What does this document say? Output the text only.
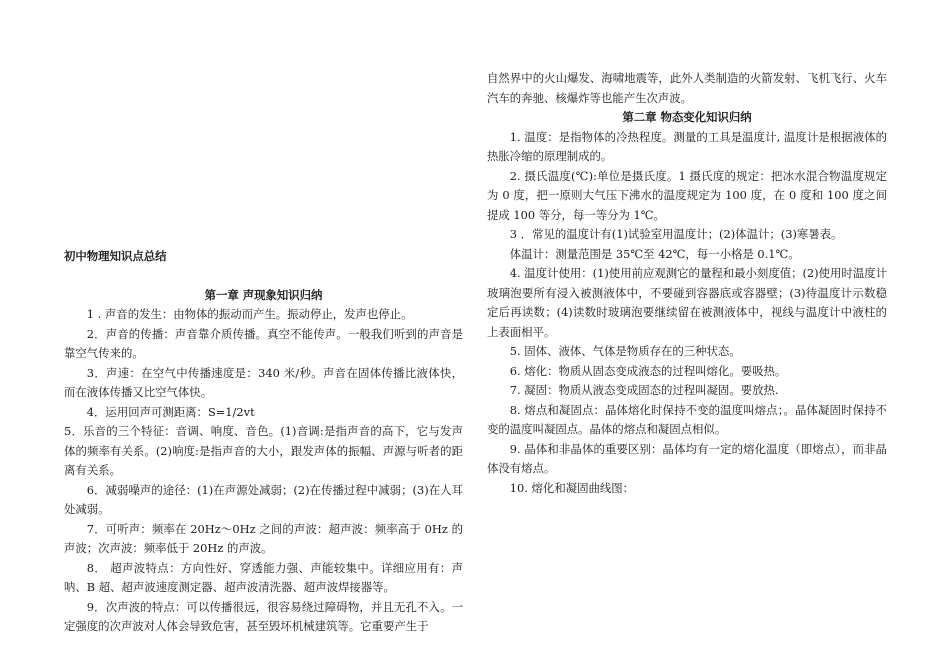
初中物理知识点总结

第一章 声现象知识归纳

1 . 声音的发生：由物体的振动而产生。振动停止，发声也停止。

2．声音的传播：声音靠介质传播。真空不能传声。一般我们听到的声音是靠空气传来的。

3．声速：在空气中传播速度是：340 米/秒。声音在固体传播比液体快，而在液体传播又比空气体快。

4．运用回声可测距离：S=1/2vt

5．乐音的三个特征：音调、响度、音色。(1)音调:是指声音的高下，它与发声体的频率有关系。(2)响度:是指声音的大小，跟发声体的振幅、声源与听者的距离有关系。

6．减弱噪声的途径：(1)在声源处减弱；(2)在传播过程中减弱；(3)在人耳处减弱。

7．可听声：频率在 20Hz～0Hz 之间的声波：超声波：频率高于 0Hz 的声波；次声波：频率低于 20Hz 的声波。

8． 超声波特点：方向性好、穿透能力强、声能较集中。详细应用有：声呐、B 超、超声波速度测定器、超声波清洗器、超声波焊接器等。

9．次声波的特点：可以传播很远，很容易绕过障碍物，并且无孔不入。一定强度的次声波对人体会导致危害，甚至毁坏机械建筑等。它重要产生于

自然界中的火山爆发、海啸地震等，此外人类制造的火箭发射、飞机飞行、火车汽车的奔驰、核爆炸等也能产生次声波。

第二章 物态变化知识归纳

1. 温度：是指物体的冷热程度。测量的工具是温度计, 温度计是根据液体的热胀冷缩的原理制成的。

2. 摄氏温度(℃):单位是摄氏度。1 摄氏度的规定：把冰水混合物温度规定为 0 度，把一原则大气压下沸水的温度规定为 100 度，在 0 度和 100 度之间提成 100 等分，每一等分为 1℃。

3 ．常见的温度计有(1)试验室用温度计；(2)体温计；(3)寒暑表。

体温计：测量范围是 35℃至 42℃，每一小格是 0.1℃。

4. 温度计使用：(1)使用前应观测它的量程和最小刻度值；(2)使用时温度计玻璃泡要所有浸入被测液体中，不要碰到容器底或容器壁；(3)待温度计示数稳定后再读数；(4)读数时玻璃泡要继续留在被测液体中，视线与温度计中液柱的上表面相平。

5. 固体、液体、气体是物质存在的三种状态。

6. 熔化：物质从固态变成液态的过程叫熔化。要吸热。

7. 凝固：物质从液态变成固态的过程叫凝固。要放热.

8. 熔点和凝固点：晶体熔化时保持不变的温度叫熔点；。晶体凝固时保持不变的温度叫凝固点。晶体的熔点和凝固点相似。

9. 晶体和非晶体的重要区别：晶体均有一定的熔化温度（即熔点），而非晶体没有熔点。

10. 熔化和凝固曲线图：
